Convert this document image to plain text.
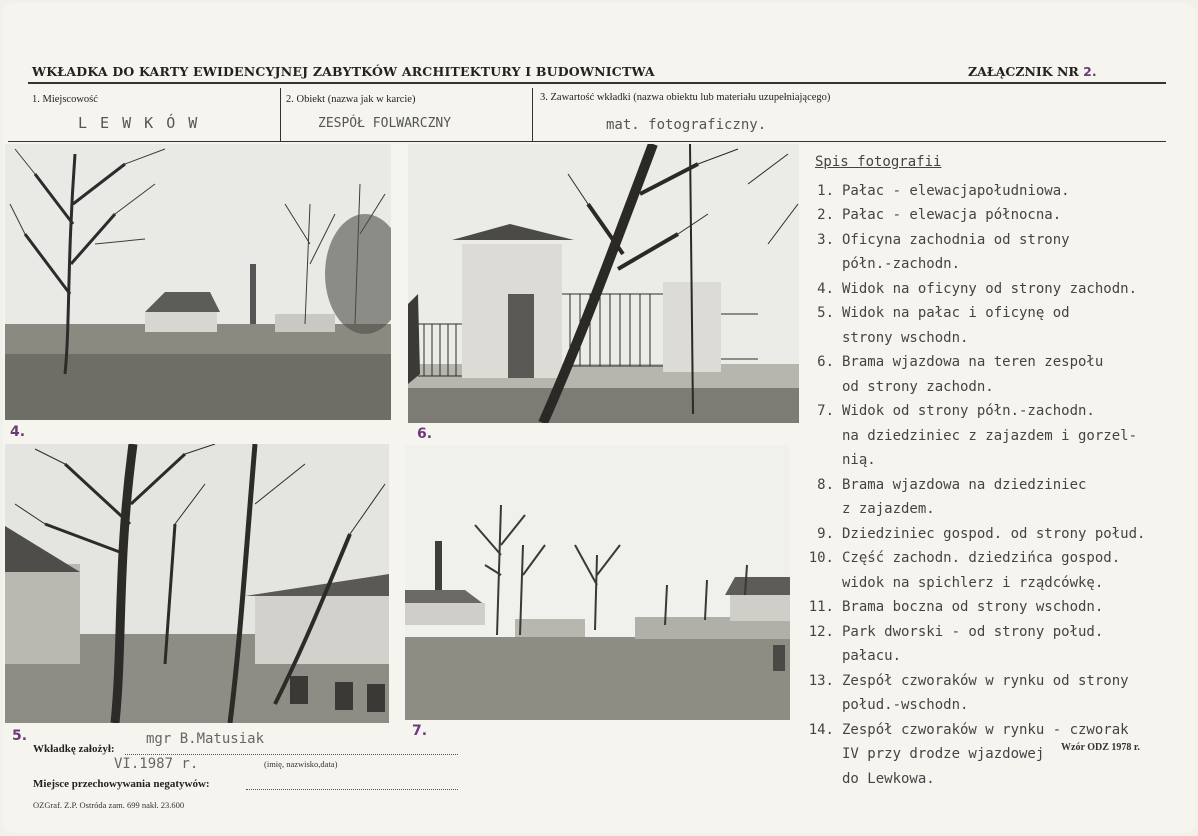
WKŁADKA DO KARTY EWIDENCYJNEJ ZABYTKÓW ARCHITEKTURY I BUDOWNICTWA	ZAŁĄCZNIK NR 2.
1. Miejscowość
L E W K Ó W
2. Obiekt (nazwa jak w karcie)
ZESPÓŁ FOLWARCZNY
3. Zawartość wkładki (nazwa obiektu lub materiału uzupełniającego)
mat. fotograficzny.
4.	6.
5.	7.
Spis fotografii
1. Pałac - elewacjapołudniowa.
2. Pałac - elewacja północna.
3. Oficyna zachodnia od strony
półn.-zachodn.
4. Widok na oficyny od strony zachodn.
5. Widok na pałac i oficynę od
strony wschodn.
6. Brama wjazdowa na teren zespołu
od strony zachodn.
7. Widok od strony półn.-zachodn.
na dziedziniec z zajazdem i gorzel-
nią.
8. Brama wjazdowa na dziedziniec
z zajazdem.
9. Dziedziniec gospod. od strony połud.
10. Część zachodn. dziedzińca gospod.
widok na spichlerz i rządcówkę.
11. Brama boczna od strony wschodn.
12. Park dworski - od strony połud.
pałacu.
13. Zespół czworaków w rynku od strony
połud.-wschodn.
14. Zespół czworaków w rynku - czworak
IV przy drodze wjazdowej
do Lewkowa.
Wkładkę założył:
mgr B.Matusiak
VI.1987 r.	(imię, nazwisko,data)
Miejsce przechowywania negatywów:
OZGraf. Z.P. Ostróda zam. 699 nakł. 23.600
Wzór ODZ 1978 r.
